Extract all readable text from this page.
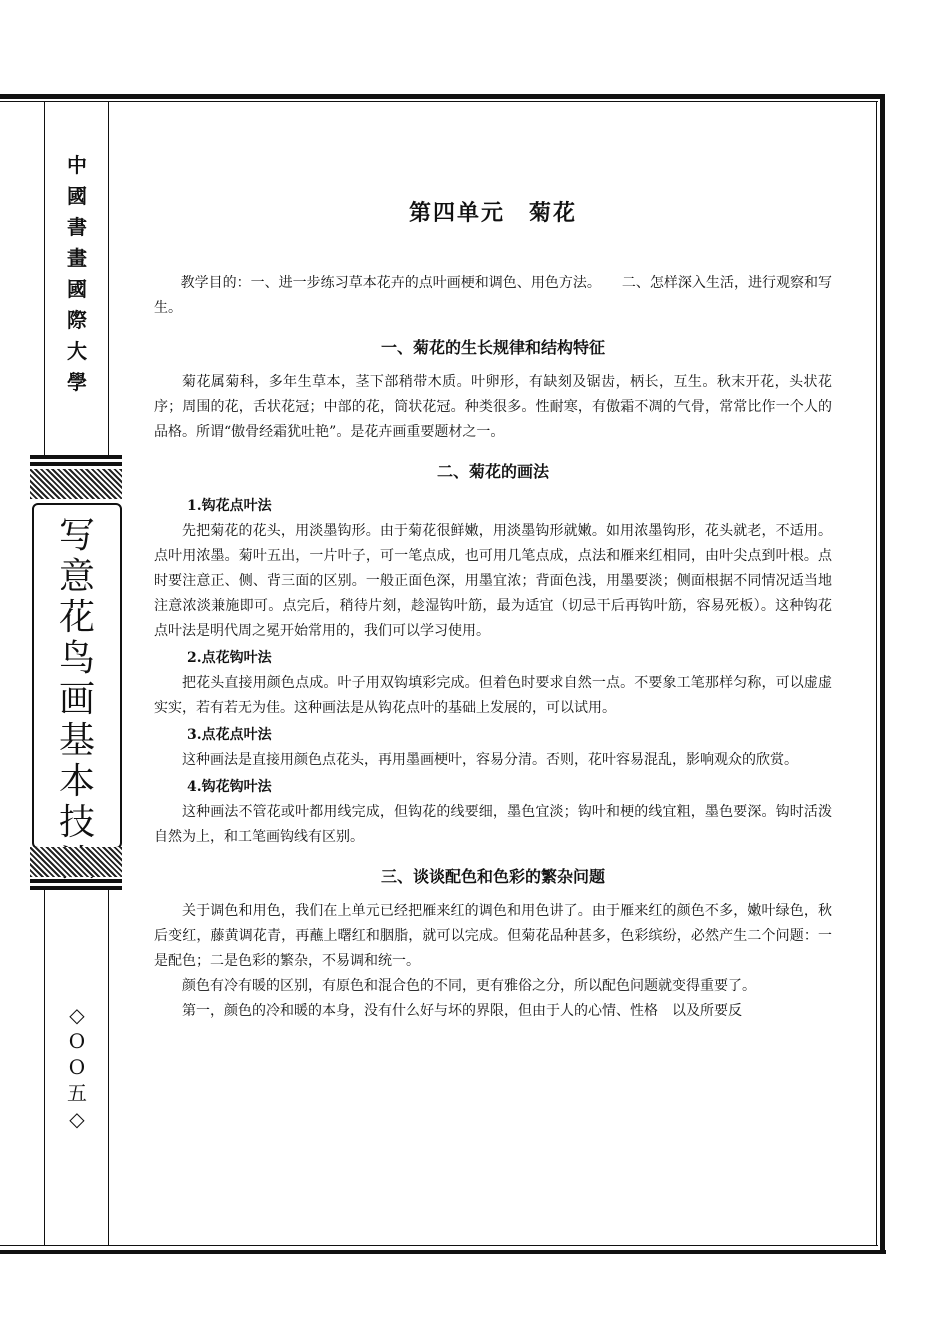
中
國
書
畫
國
際
大
學
写
意
花
鸟
画
基
本
技
◇
O
O
五
◇
第四单元　菊花

教学目的：一、进一步练习草本花卉的点叶画梗和调色、用色方法。　　二、怎样深入生活，进行观察和写生。

一、菊花的生长规律和结构特征

菊花属菊科，多年生草本，茎下部稍带木质。叶卵形，有缺刻及锯齿，柄长，互生。秋末开花，头状花序；周围的花，舌状花冠；中部的花，筒状花冠。种类很多。性耐寒，有傲霜不凋的气骨，常常比作一个人的品格。所谓“傲骨经霜犹吐艳”。是花卉画重要题材之一。

二、菊花的画法
1.钩花点叶法

先把菊花的花头，用淡墨钩形。由于菊花很鲜嫩，用淡墨钩形就嫩。如用浓墨钩形，花头就老，不适用。点叶用浓墨。菊叶五出，一片叶子，可一笔点成，也可用几笔点成，点法和雁来红相同，由叶尖点到叶根。点时要注意正、侧、背三面的区别。一般正面色深，用墨宜浓；背面色浅，用墨要淡；侧面根据不同情况适当地注意浓淡兼施即可。点完后，稍待片刻，趁湿钩叶筋，最为适宜（切忌干后再钩叶筋，容易死板）。这种钩花点叶法是明代周之冕开始常用的，我们可以学习使用。

2.点花钩叶法

把花头直接用颜色点成。叶子用双钩填彩完成。但着色时要求自然一点。不要象工笔那样匀称，可以虚虚实实，若有若无为佳。这种画法是从钩花点叶的基础上发展的，可以试用。

3.点花点叶法

这种画法是直接用颜色点花头，再用墨画梗叶，容易分清。否则，花叶容易混乱，影响观众的欣赏。

4.钩花钩叶法

这种画法不管花或叶都用线完成，但钩花的线要细，墨色宜淡；钩叶和梗的线宜粗，墨色要深。钩时活泼自然为上，和工笔画钩线有区别。

三、谈谈配色和色彩的繁杂问题

关于调色和用色，我们在上单元已经把雁来红的调色和用色讲了。由于雁来红的颜色不多，嫩叶绿色，秋后变红，藤黄调花青，再蘸上曙红和胭脂，就可以完成。但菊花品种甚多，色彩缤纷，必然产生二个问题：一是配色；二是色彩的繁杂，不易调和统一。

颜色有冷有暖的区别，有原色和混合色的不同，更有雅俗之分，所以配色问题就变得重要了。

第一，颜色的冷和暖的本身，没有什么好与坏的界限，但由于人的心情、性格　以及所要反
